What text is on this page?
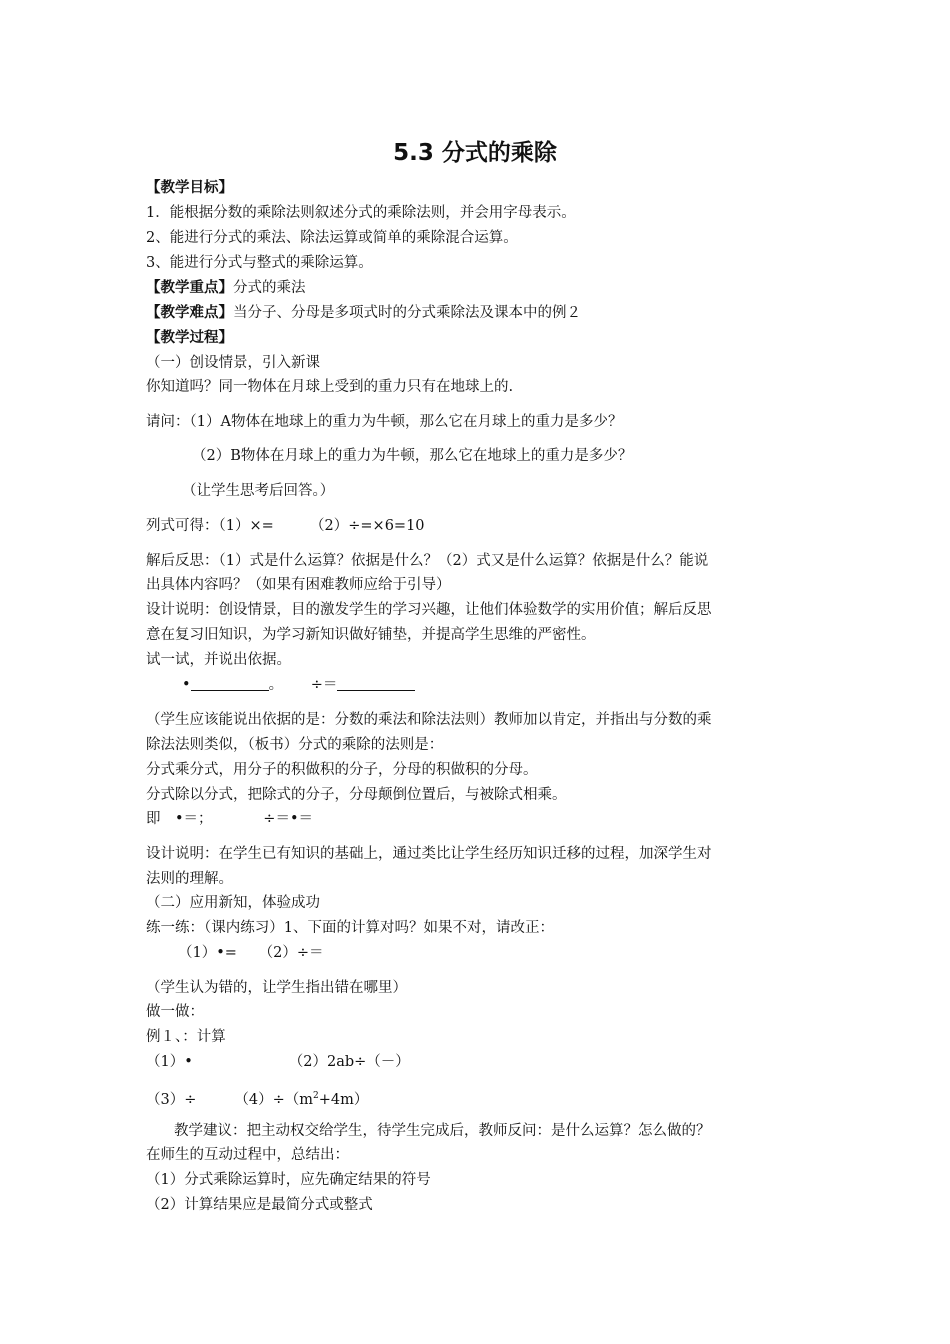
5.3 分式的乘除
【教学目标】
1．能根据分数的乘除法则叙述分式的乘除法则，并会用字母表示。
2、能进行分式的乘法、除法运算或简单的乘除混合运算。
3、能进行分式与整式的乘除运算。
【教学重点】分式的乘法
【教学难点】当分子、分母是多项式时的分式乘除法及课本中的例２
【教学过程】
（一）创设情景，引入新课
你知道吗？同一物体在月球上受到的重力只有在地球上的.
请问：（1）A物体在地球上的重力为牛顿，那么它在月球上的重力是多少？
（2）B物体在月球上的重力为牛顿，那么它在地球上的重力是多少？
（让学生思考后回答。）
列式可得：（1）×=　　　（2）÷=×6=10
解后反思：（1）式是什么运算？依据是什么？（2）式又是什么运算？依据是什么？能说
出具体内容吗？（如果有困难教师应给于引导）
设计说明：创设情景，目的激发学生的学习兴趣，让他们体验数学的实用价值；解后反思
意在复习旧知识，为学习新知识做好铺垫，并提高学生思维的严密性。
试一试，并说出依据。
•	。 ÷＝
（学生应该能说出依据的是：分数的乘法和除法法则）教师加以肯定，并指出与分数的乘
除法法则类似，（板书）分式的乘除的法则是：
分式乘分式，用分子的积做积的分子，分母的积做积的分母。
分式除以分式，把除式的分子，分母颠倒位置后，与被除式相乘。
即　•＝；　　　　÷＝•＝
设计说明：在学生已有知识的基础上，通过类比让学生经历知识迁移的过程，加深学生对
法则的理解。
（二）应用新知，体验成功
练一练：（课内练习）1、下面的计算对吗？如果不对，请改正：
（1）•=　　（2）÷＝
（学生认为错的，让学生指出错在哪里）
做一做：
例１、：计算
（1）•	（2）2ab÷（－）
（3）÷	$(4)\div(m^2+4m)$
教学建议：把主动权交给学生，待学生完成后，教师反问：是什么运算？怎么做的？
在师生的互动过程中，总结出：
（1）分式乘除运算时，应先确定结果的符号
（2）计算结果应是最简分式或整式
